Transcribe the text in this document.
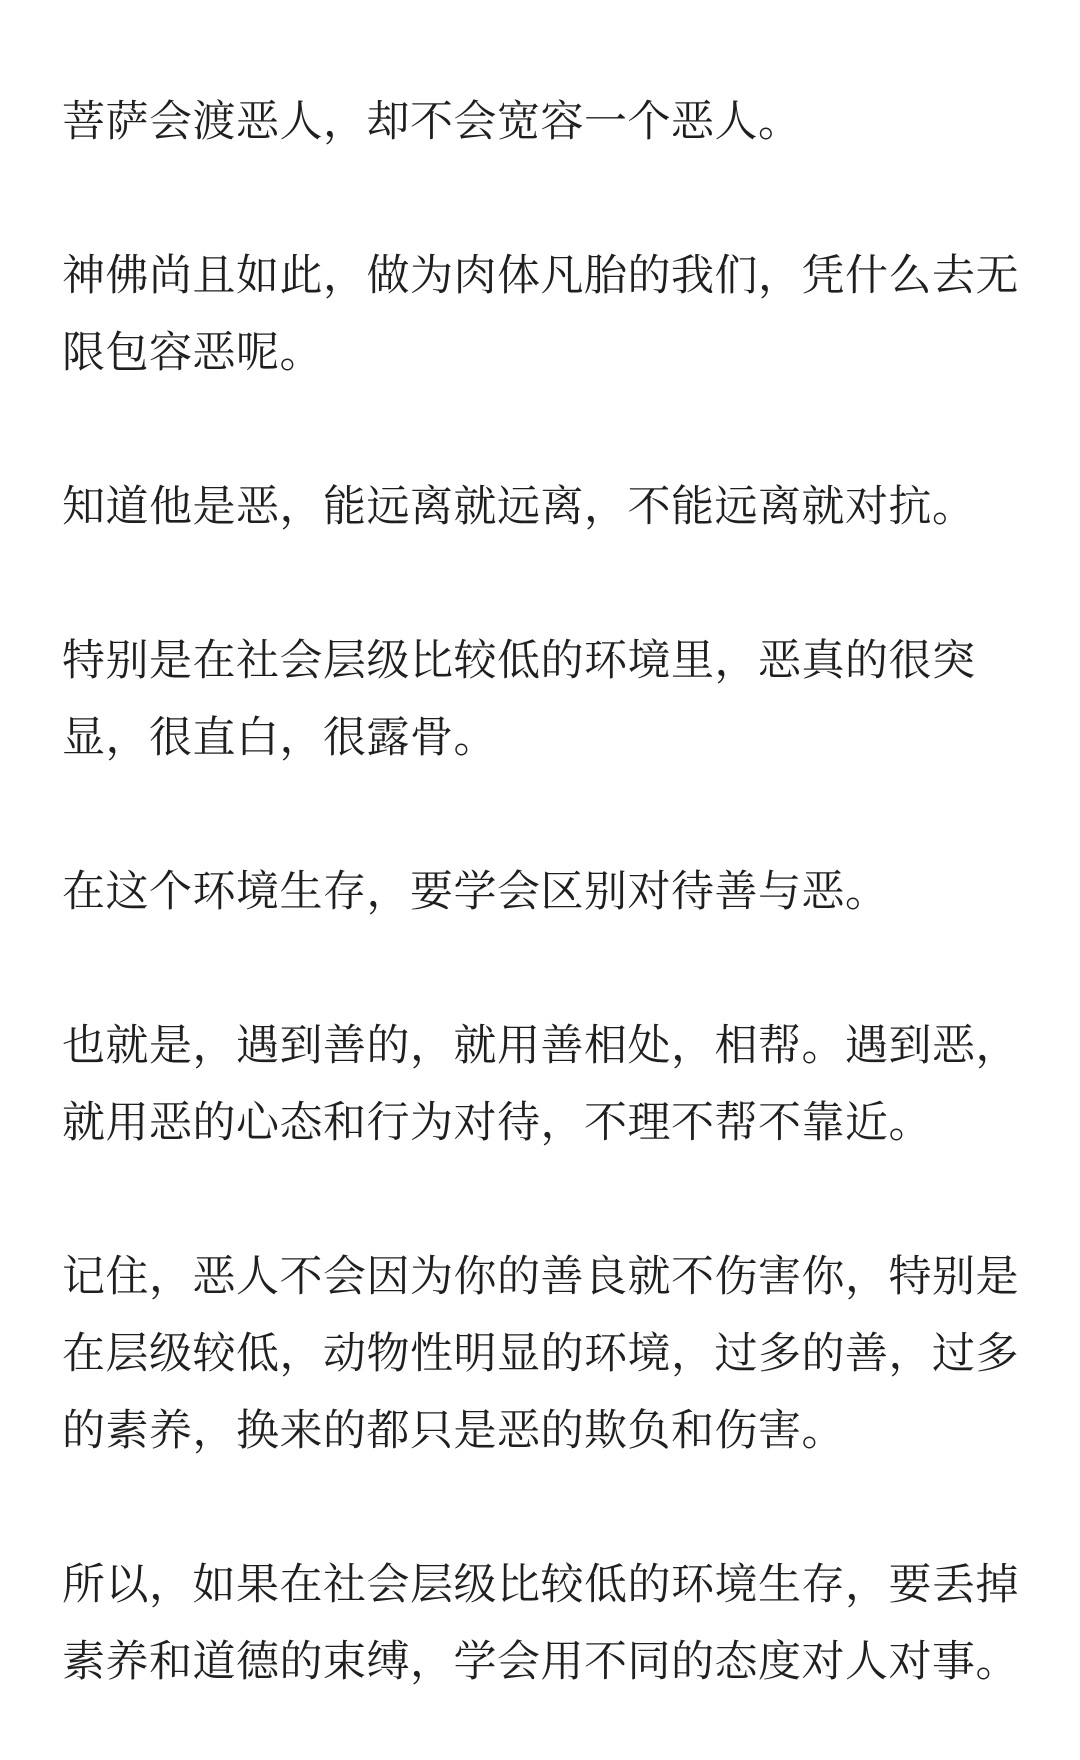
菩萨会渡恶人，却不会宽容一个恶人。

神佛尚且如此，做为肉体凡胎的我们，凭什么去无限包容恶呢。

知道他是恶，能远离就远离，不能远离就对抗。

特别是在社会层级比较低的环境里，恶真的很突显，很直白，很露骨。

在这个环境生存，要学会区别对待善与恶。

也就是，遇到善的，就用善相处，相帮。遇到恶，就用恶的心态和行为对待，不理不帮不靠近。

记住，恶人不会因为你的善良就不伤害你，特别是在层级较低，动物性明显的环境，过多的善，过多的素养，换来的都只是恶的欺负和伤害。

所以，如果在社会层级比较低的环境生存，要丢掉素养和道德的束缚，学会用不同的态度对人对事。
